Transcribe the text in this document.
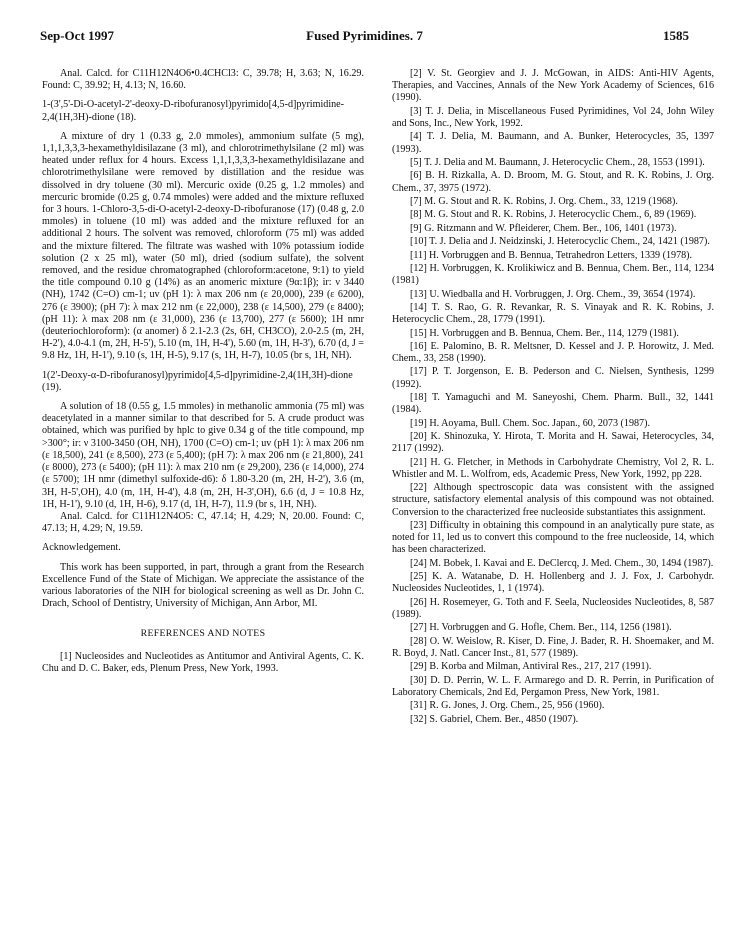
Sep-Oct 1997	Fused Pyrimidines. 7	1585

Anal. Calcd. for C11H12N4O6•0.4CHCl3: C, 39.78; H, 3.63; N, 16.29. Found: C, 39.92; H, 4.13; N, 16.60.

1-(3',5'-Di-O-acetyl-2'-deoxy-D-ribofuranosyl)pyrimido[4,5-d]pyrimidine-2,4(1H,3H)-dione (18).

A mixture of dry 1 (0.33 g, 2.0 mmoles), ammonium sulfate (5 mg), 1,1,1,3,3,3-hexamethyldisilazane (3 ml), and chlorotrimethylsilane (2 ml) was heated under reflux for 4 hours. Excess 1,1,1,3,3,3-hexamethyldisilazane and chlorotrimethylsilane were removed by distillation and the residue was dissolved in dry toluene (30 ml). Mercuric oxide (0.25 g, 1.2 mmoles) and mercuric bromide (0.25 g, 0.74 mmoles) were added and the mixture refluxed for 3 hours. 1-Chloro-3,5-di-O-acetyl-2-deoxy-D-ribofuranose (17) (0.48 g, 2.0 mmoles) in toluene (10 ml) was added and the mixture refluxed for an additional 2 hours. The solvent was removed, chloroform (75 ml) was added and the mixture filtered. The filtrate was washed with 10% potassium iodide solution (2 x 25 ml), water (50 ml), dried (sodium sulfate), the solvent removed, and the residue chromatographed (chloroform:acetone, 9:1) to yield the title compound 0.10 g (14%) as an anomeric mixture (9α:1β); ir: ν 3440 (NH), 1742 (C=O) cm-1; uv (pH 1): λ max 206 nm (ε 20,000), 239 (ε 6200), 276 (ε 3900); (pH 7): λ max 212 nm (ε 22,000), 238 (ε 14,500), 279 (ε 8400); (pH 11): λ max 208 nm (ε 31,000), 236 (ε 13,700), 277 (ε 5600); 1H nmr (deuteriochloroform): (α anomer) δ 2.1-2.3 (2s, 6H, CH3CO), 2.0-2.5 (m, 2H, H-2'), 4.0-4.1 (m, 2H, H-5'), 5.10 (m, 1H, H-4'), 5.60 (m, 1H, H-3'), 6.70 (d, J = 9.8 Hz, 1H, H-1'), 9.10 (s, 1H, H-5), 9.17 (s, 1H, H-7), 10.05 (br s, 1H, NH).

1(2'-Deoxy-α-D-ribofuranosyl)pyrimido[4,5-d]pyrimidine-2,4(1H,3H)-dione (19).

A solution of 18 (0.55 g, 1.5 mmoles) in methanolic ammonia (75 ml) was deacetylated in a manner similar to that described for 5. A crude product was obtained, which was purified by hplc to give 0.34 g of the title compound, mp >300°; ir: ν 3100-3450 (OH, NH), 1700 (C=O) cm-1; uv (pH 1): λ max 206 nm (ε 18,500), 241 (ε 8,500), 273 (ε 5,400); (pH 7): λ max 206 nm (ε 21,800), 241 (ε 8000), 273 (ε 5400); (pH 11): λ max 210 nm (ε 29,200), 236 (ε 14,000), 274 (ε 5700); 1H nmr (dimethyl sulfoxide-d6): δ 1.80-3.20 (m, 2H, H-2'), 3.6 (m, 3H, H-5',OH), 4.0 (m, 1H, H-4'), 4.8 (m, 2H, H-3',OH), 6.6 (d, J = 10.8 Hz, 1H, H-1'), 9.10 (d, 1H, H-6), 9.17 (d, 1H, H-7), 11.9 (br s, 1H, NH).

Anal. Calcd. for C11H12N4O5: C, 47.14; H, 4.29; N, 20.00. Found: C, 47.13; H, 4.29; N, 19.59.

Acknowledgement.

This work has been supported, in part, through a grant from the Research Excellence Fund of the State of Michigan. We appreciate the assistance of the various laboratories of the NIH for biological screening as well as Dr. John C. Drach, School of Dentistry, University of Michigan, Ann Arbor, MI.

REFERENCES AND NOTES

[1] Nucleosides and Nucleotides as Antitumor and Antiviral Agents, C. K. Chu and D. C. Baker, eds, Plenum Press, New York, 1993.

[2] V. St. Georgiev and J. J. McGowan, in AIDS: Anti-HIV Agents, Therapies, and Vaccines, Annals of the New York Academy of Sciences, 616 (1990).

[3] T. J. Delia, in Miscellaneous Fused Pyrimidines, Vol 24, John Wiley and Sons, Inc., New York, 1992.

[4] T. J. Delia, M. Baumann, and A. Bunker, Heterocycles, 35, 1397 (1993).

[5] T. J. Delia and M. Baumann, J. Heterocyclic Chem., 28, 1553 (1991).

[6] B. H. Rizkalla, A. D. Broom, M. G. Stout, and R. K. Robins, J. Org. Chem., 37, 3975 (1972).

[7] M. G. Stout and R. K. Robins, J. Org. Chem., 33, 1219 (1968).

[8] M. G. Stout and R. K. Robins, J. Heterocyclic Chem., 6, 89 (1969).

[9] G. Ritzmann and W. Pfleiderer, Chem. Ber., 106, 1401 (1973).

[10] T. J. Delia and J. Neidzinski, J. Heterocyclic Chem., 24, 1421 (1987).

[11] H. Vorbruggen and B. Bennua, Tetrahedron Letters, 1339 (1978).

[12] H. Vorbruggen, K. Krolikiwicz and B. Bennua, Chem. Ber., 114, 1234 (1981)

[13] U. Wiedballa and H. Vorbruggen, J. Org. Chem., 39, 3654 (1974).

[14] T. S. Rao, G. R. Revankar, R. S. Vinayak and R. K. Robins, J. Heterocyclic Chem., 28, 1779 (1991).

[15] H. Vorbruggen and B. Bennua, Chem. Ber., 114, 1279 (1981).

[16] E. Palomino, B. R. Meltsner, D. Kessel and J. P. Horowitz, J. Med. Chem., 33, 258 (1990).

[17] P. T. Jorgenson, E. B. Pederson and C. Nielsen, Synthesis, 1299 (1992).

[18] T. Yamaguchi and M. Saneyoshi, Chem. Pharm. Bull., 32, 1441 (1984).

[19] H. Aoyama, Bull. Chem. Soc. Japan., 60, 2073 (1987).

[20] K. Shinozuka, Y. Hirota, T. Morita and H. Sawai, Heterocycles, 34, 2117 (1992).

[21] H. G. Fletcher, in Methods in Carbohydrate Chemistry, Vol 2, R. L. Whistler and M. L. Wolfrom, eds, Academic Press, New York, 1992, pp 228.

[22] Although spectroscopic data was consistent with the assigned structure, satisfactory elemental analysis of this compound was not obtained. Conversion to the characterized free nucleoside substantiates this assignment.

[23] Difficulty in obtaining this compound in an analytically pure state, as noted for 11, led us to convert this compound to the free nucleoside, 14, which has been characterized.

[24] M. Bobek, I. Kavai and E. DeClercq, J. Med. Chem., 30, 1494 (1987).

[25] K. A. Watanabe, D. H. Hollenberg and J. J. Fox, J. Carbohydr. Nucleosides Nucleotides, 1, 1 (1974).

[26] H. Rosemeyer, G. Toth and F. Seela, Nucleosides Nucleotides, 8, 587 (1989).

[27] H. Vorbruggen and G. Hofle, Chem. Ber., 114, 1256 (1981).

[28] O. W. Weislow, R. Kiser, D. Fine, J. Bader, R. H. Shoemaker, and M. R. Boyd, J. Natl. Cancer Inst., 81, 577 (1989).

[29] B. Korba and Milman, Antiviral Res., 217, 217 (1991).

[30] D. D. Perrin, W. L. F. Armarego and D. R. Perrin, in Purification of Laboratory Chemicals, 2nd Ed, Pergamon Press, New York, 1981.

[31] R. G. Jones, J. Org. Chem., 25, 956 (1960).

[32] S. Gabriel, Chem. Ber., 4850 (1907).
